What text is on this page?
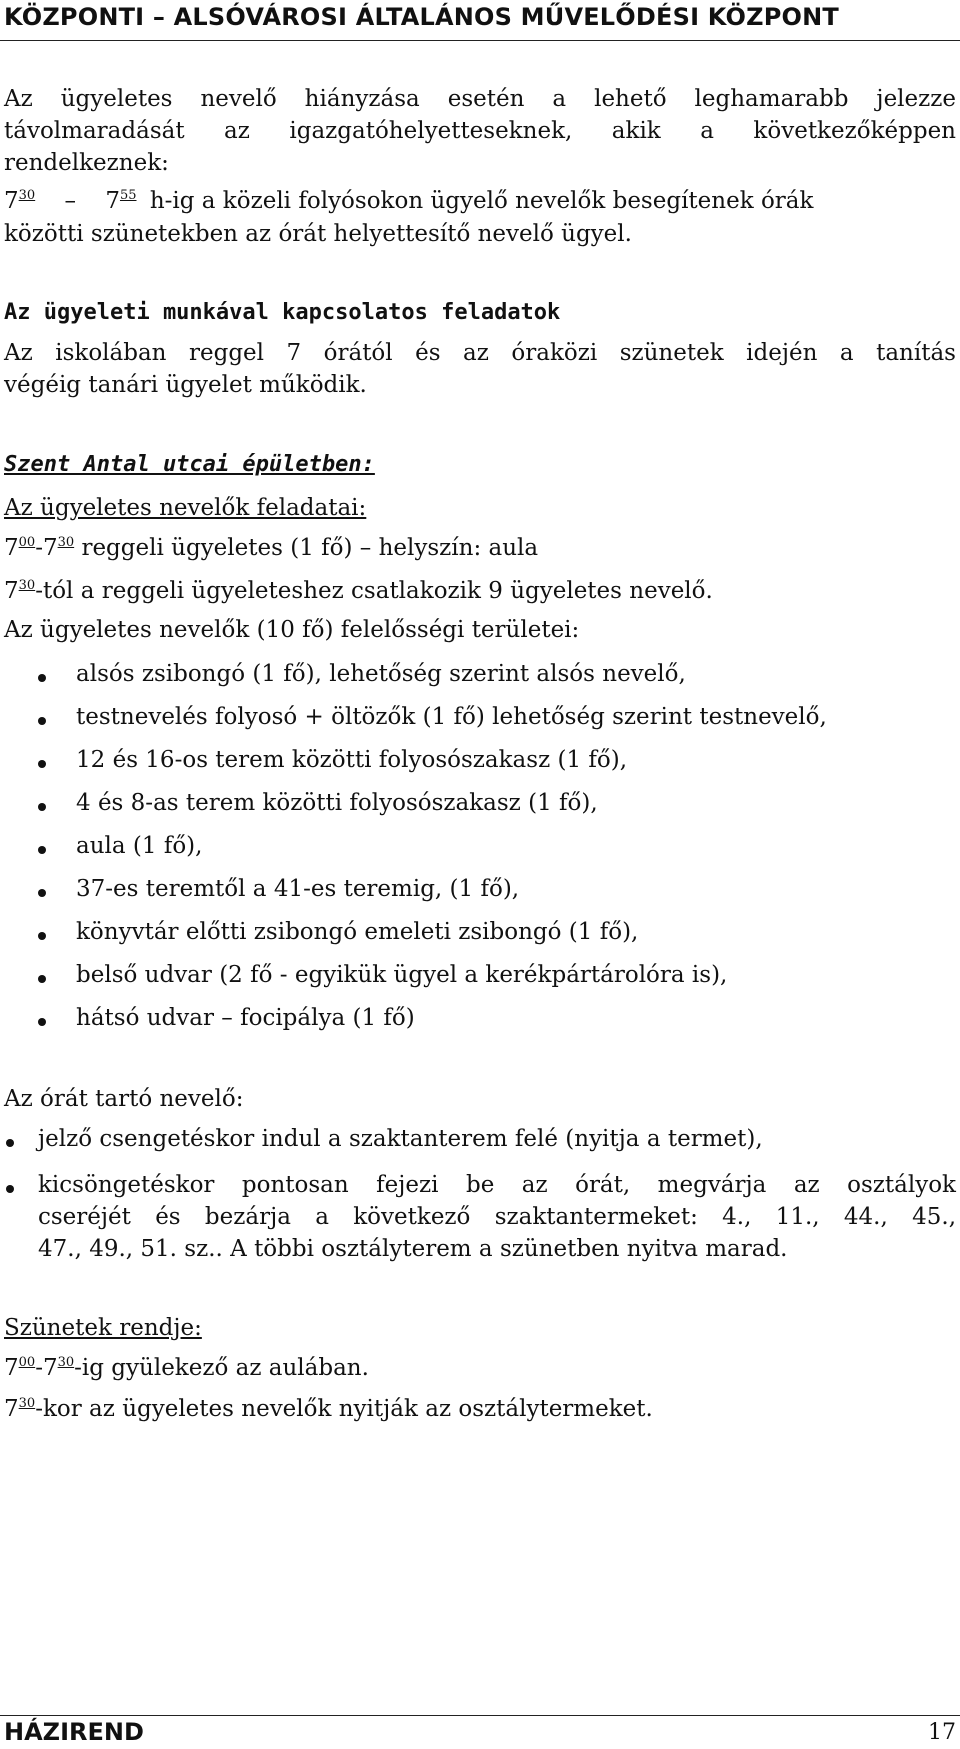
KÖZPONTI – ALSÓVÁROSI ÁLTALÁNOS MŰVELŐDÉSI KÖZPONT
Az ügyeletes nevelő hiányzása esetén a lehető leghamarabb jelezze
távolmaradását az igazgatóhelyetteseknek, akik a következőképpen
rendelkeznek:
$7^{30} - 7^{55}$ h-ig a közeli folyósokon ügyelő nevelők besegítenek órák
közötti szünetekben az órát helyettesítő nevelő ügyel.
Az ügyeleti munkával kapcsolatos feladatok
Az iskolában reggel 7 órától és az óraközi szünetek idején a tanítás
végéig tanári ügyelet működik.
Szent Antal utcai épületben:
Az ügyeletes nevelők feladatai:
$7^{00}-7^{30}$ reggeli ügyeletes (1 fő) – helyszín: aula
$7^{30}$-tól a reggeli ügyeleteshez csatlakozik 9 ügyeletes nevelő.
Az ügyeletes nevelők (10 fő) felelősségi területei:
alsós zsibongó (1 fő), lehetőség szerint alsós nevelő,
testnevelés folyosó + öltözők (1 fő) lehetőség szerint testnevelő,
12 és 16-os terem közötti folyosószakasz (1 fő),
4 és 8-as terem közötti folyosószakasz (1 fő),
aula (1 fő),
37-es teremtől a 41-es teremig, (1 fő),
könyvtár előtti zsibongó emeleti zsibongó (1 fő),
belső udvar (2 fő - egyikük ügyel a kerékpártárolóra is),
hátsó udvar – focipálya (1 fő)
Az órát tartó nevelő:
jelző csengetéskor indul a szaktanterem felé (nyitja a termet),
kicsöngetéskor pontosan fejezi be az órát, megvárja az osztályok
cseréjét és bezárja a következő szaktantermeket: 4., 11., 44., 45.,
47., 49., 51. sz.. A többi osztályterem a szünetben nyitva marad.
Szünetek rendje:
$7^{00}-7^{30}-ig$ gyülekező az aulában.
$7^{30}$-kor az ügyeletes nevelők nyitják az osztálytermeket.
HÁZIREND	17
